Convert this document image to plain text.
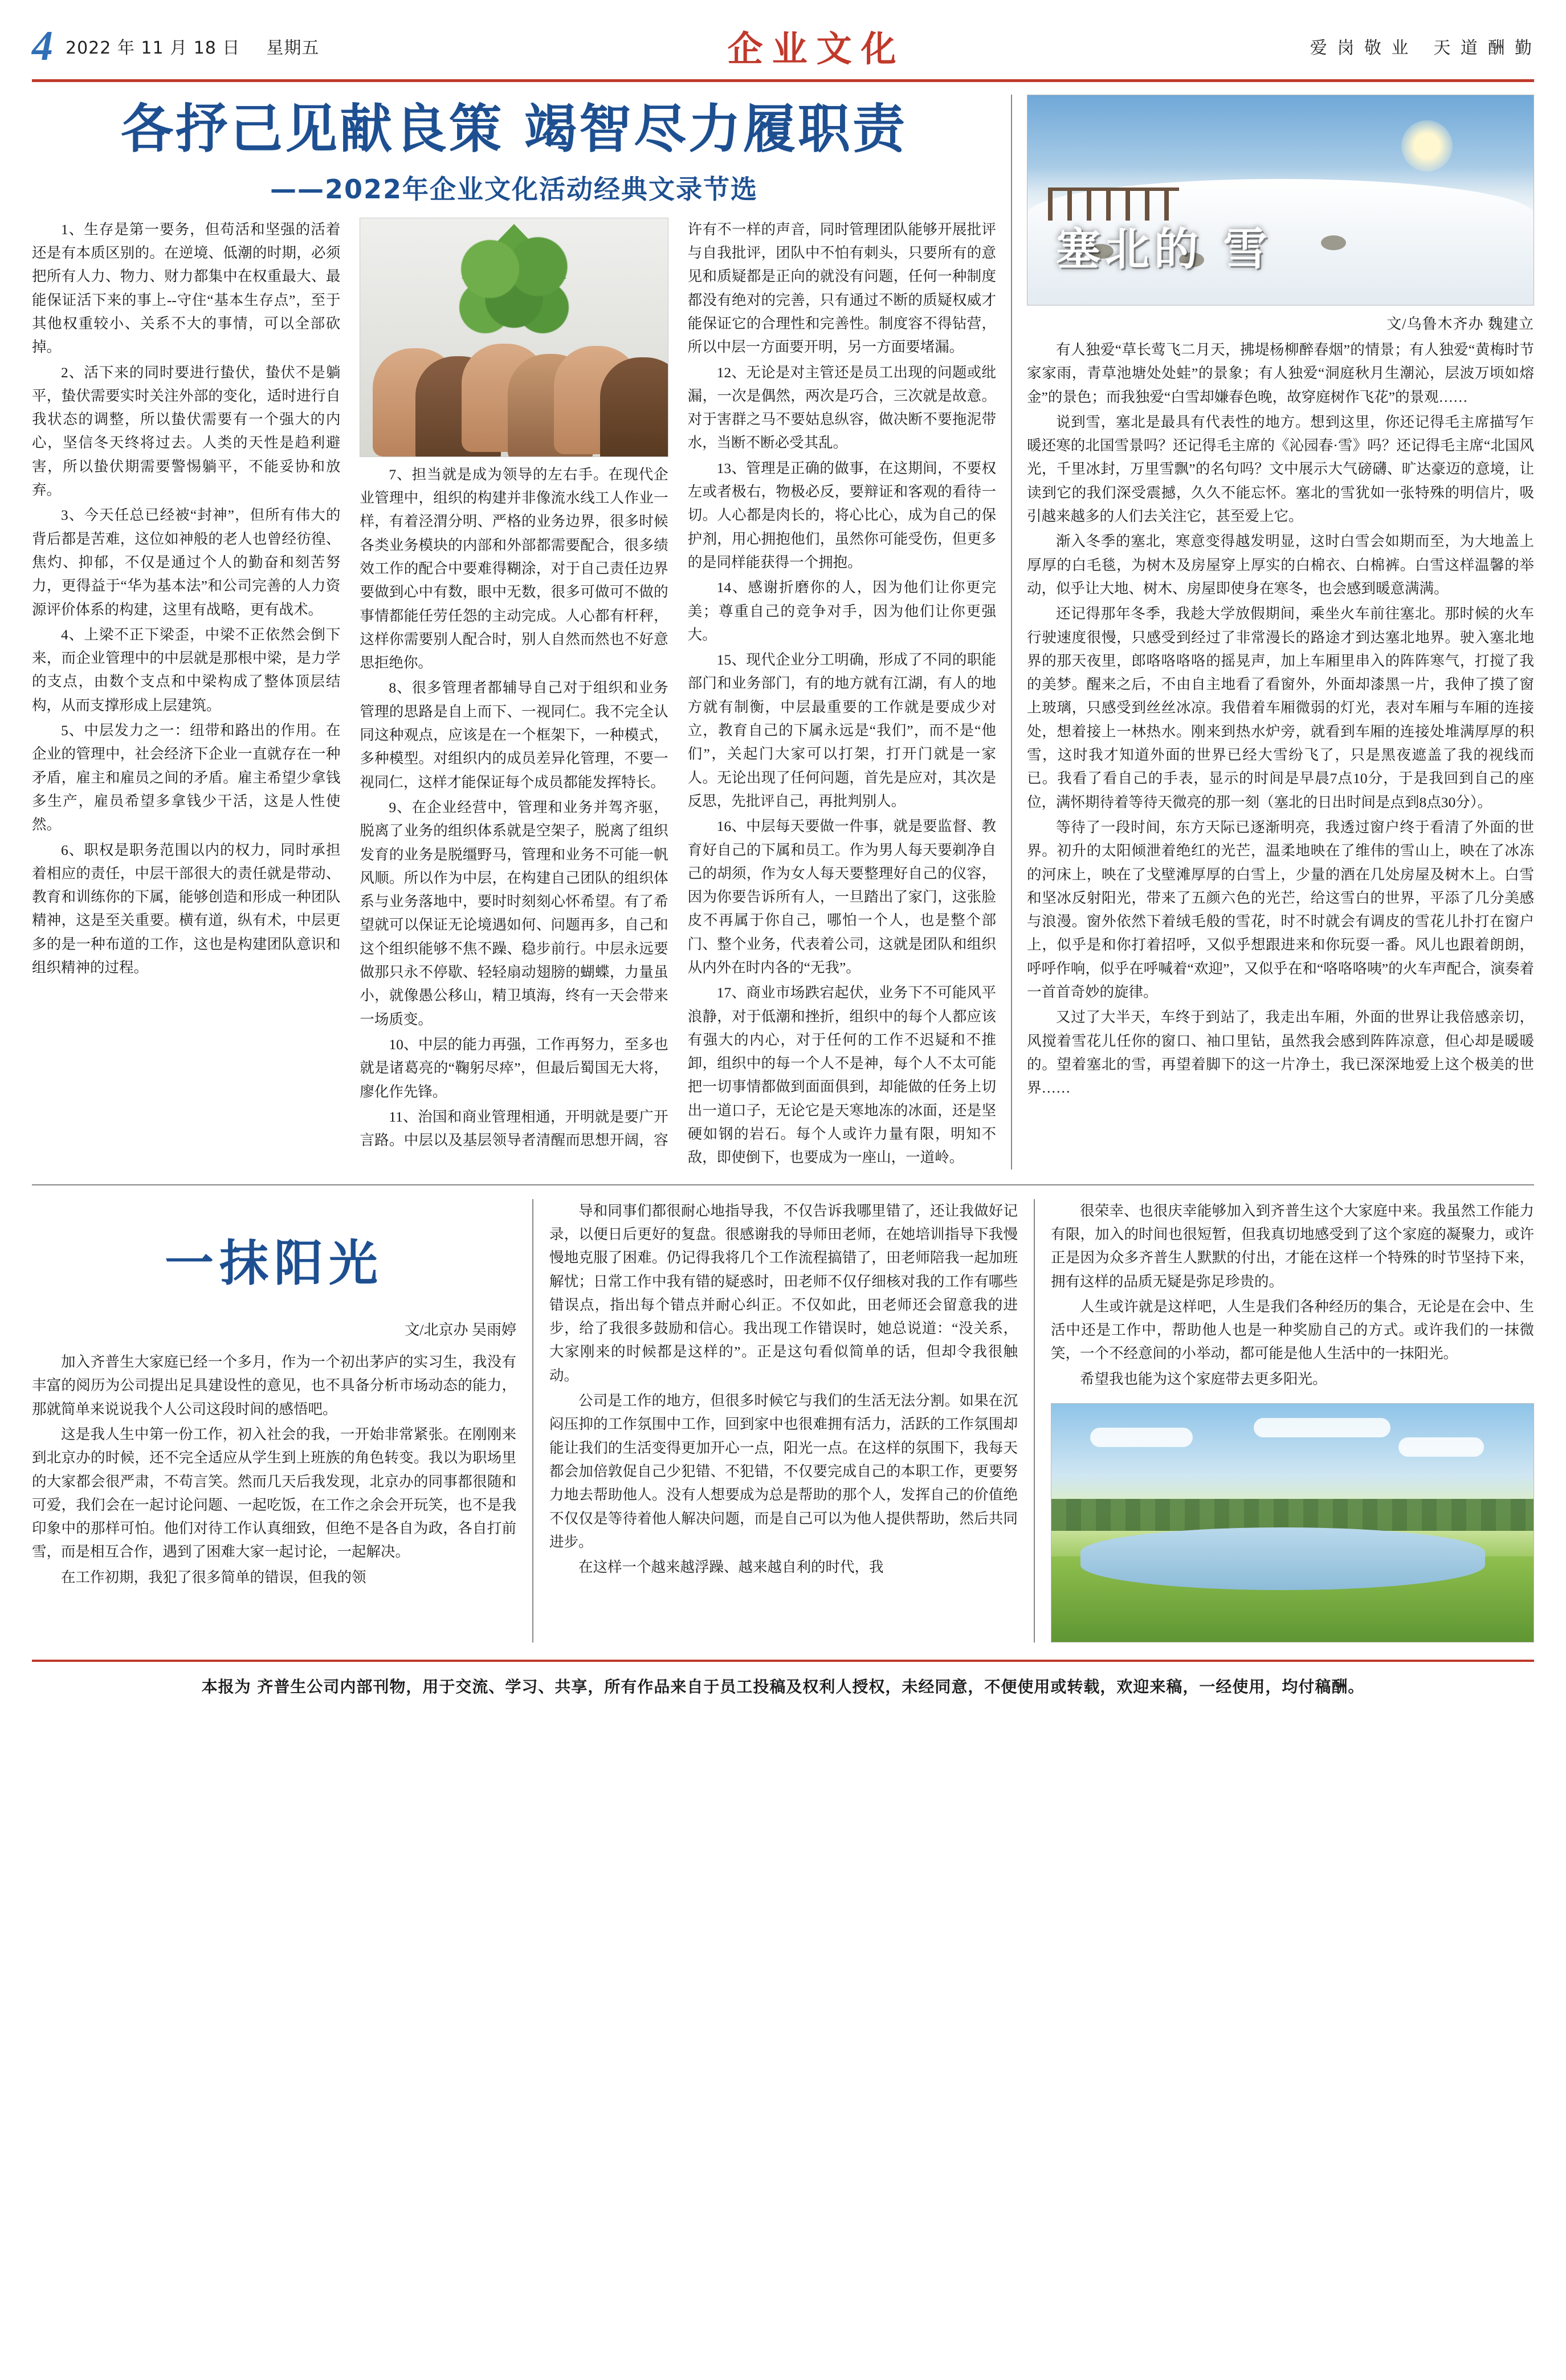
4 2022 年 11 月 18 日 星期五	企业文化	爱 岗 敬 业 天 道 酬 勤
各抒己见献良策 竭智尽力履职责
——2022年企业文化活动经典文录节选

1、生存是第一要务，但苟活和坚强的活着还是有本质区别的。在逆境、低潮的时期，必须把所有人力、物力、财力都集中在权重最大、最能保证活下来的事上--守住“基本生存点”，至于其他权重较小、关系不大的事情，可以全部砍掉。

2、活下来的同时要进行蛰伏，蛰伏不是躺平，蛰伏需要实时关注外部的变化，适时进行自我状态的调整，所以蛰伏需要有一个强大的内心，坚信冬天终将过去。人类的天性是趋利避害，所以蛰伏期需要警惕躺平，不能妥协和放弃。

3、今天任总已经被“封神”，但所有伟大的背后都是苦难，这位如神般的老人也曾经彷徨、焦灼、抑郁，不仅是通过个人的勤奋和刻苦努力，更得益于“华为基本法”和公司完善的人力资源评价体系的构建，这里有战略，更有战术。

4、上梁不正下梁歪，中梁不正依然会倒下来，而企业管理中的中层就是那根中梁，是力学的支点，由数个支点和中梁构成了整体顶层结构，从而支撑形成上层建筑。

5、中层发力之一：纽带和路出的作用。在企业的管理中，社会经济下企业一直就存在一种矛盾，雇主和雇员之间的矛盾。雇主希望少拿钱多生产，雇员希望多拿钱少干活，这是人性使然。

6、职权是职务范围以内的权力，同时承担着相应的责任，中层干部很大的责任就是带动、教育和训练你的下属，能够创造和形成一种团队精神，这是至关重要。横有道，纵有术，中层更多的是一种布道的工作，这也是构建团队意识和组织精神的过程。

7、担当就是成为领导的左右手。在现代企业管理中，组织的构建并非像流水线工人作业一样，有着泾渭分明、严格的业务边界，很多时候各类业务模块的内部和外部都需要配合，很多绩效工作的配合中要难得糊涂，对于自己责任边界要做到心中有数，眼中无数，很多可做可不做的事情都能任劳任怨的主动完成。人心都有杆秤，这样你需要别人配合时，别人自然而然也不好意思拒绝你。

8、很多管理者都辅导自己对于组织和业务管理的思路是自上而下、一视同仁。我不完全认同这种观点，应该是在一个框架下，一种模式，多种模型。对组织内的成员差异化管理，不要一视同仁，这样才能保证每个成员都能发挥特长。

9、在企业经营中，管理和业务并驾齐驱，脱离了业务的组织体系就是空架子，脱离了组织发育的业务是脱缰野马，管理和业务不可能一帆风顺。所以作为中层，在构建自己团队的组织体系与业务落地中，要时时刻刻心怀希望。有了希望就可以保证无论境遇如何、问题再多，自己和这个组织能够不焦不躁、稳步前行。中层永远要做那只永不停歇、轻轻扇动翅膀的蝴蝶，力量虽小，就像愚公移山，精卫填海，终有一天会带来一场质变。

10、中层的能力再强，工作再努力，至多也就是诸葛亮的“鞠躬尽瘁”，但最后蜀国无大将，廖化作先锋。

11、治国和商业管理相通，开明就是要广开言路。中层以及基层领导者清醒而思想开阔，容许有不一样的声音，同时管理团队能够开展批评与自我批评，团队中不怕有刺头，只要所有的意见和质疑都是正向的就没有问题，任何一种制度都没有绝对的完善，只有通过不断的质疑权威才能保证它的合理性和完善性。制度容不得钻营，所以中层一方面要开明，另一方面要堵漏。

12、无论是对主管还是员工出现的问题或纰漏，一次是偶然，两次是巧合，三次就是故意。对于害群之马不要姑息纵容，做决断不要拖泥带水，当断不断必受其乱。

13、管理是正确的做事，在这期间，不要权左或者极右，物极必反，要辩证和客观的看待一切。人心都是肉长的，将心比心，成为自己的保护剂，用心拥抱他们，虽然你可能受伤，但更多的是同样能获得一个拥抱。

14、感谢折磨你的人，因为他们让你更完美；尊重自己的竞争对手，因为他们让你更强大。

15、现代企业分工明确，形成了不同的职能部门和业务部门，有的地方就有江湖，有人的地方就有制衡，中层最重要的工作就是要成少对立，教育自己的下属永远是“我们”，而不是“他们”，关起门大家可以打架，打开门就是一家人。无论出现了任何问题，首先是应对，其次是反思，先批评自己，再批判别人。

16、中层每天要做一件事，就是要监督、教育好自己的下属和员工。作为男人每天要剃净自己的胡须，作为女人每天要整理好自己的仪容，因为你要告诉所有人，一旦踏出了家门，这张脸皮不再属于你自己，哪怕一个人，也是整个部门、整个业务，代表着公司，这就是团队和组织从内外在时内各的“无我”。

17、商业市场跌宕起伏，业务下不可能风平浪静，对于低潮和挫折，组织中的每个人都应该有强大的内心，对于任何的工作不迟疑和不推卸，组织中的每一个人不是神，每个人不太可能把一切事情都做到面面俱到，却能做的任务上切出一道口子，无论它是天寒地冻的冰面，还是坚硬如钢的岩石。每个人或许力量有限，明知不敌，即使倒下，也要成为一座山，一道岭。

塞北的 雪
文/乌鲁木齐办 魏建立

有人独爱“草长莺飞二月天，拂堤杨柳醉春烟”的情景；有人独爱“黄梅时节家家雨，青草池塘处处蛙”的景象；有人独爱“洞庭秋月生潮沁，层波万顷如熔金”的景色；而我独爱“白雪却嫌春色晚，故穿庭树作飞花”的景观……

说到雪，塞北是最具有代表性的地方。想到这里，你还记得毛主席描写乍暖还寒的北国雪景吗？还记得毛主席的《沁园春·雪》吗？还记得毛主席“北国风光，千里冰封，万里雪飘”的名句吗？文中展示大气磅礴、旷达豪迈的意境，让读到它的我们深受震撼，久久不能忘怀。塞北的雪犹如一张特殊的明信片，吸引越来越多的人们去关注它，甚至爱上它。

渐入冬季的塞北，寒意变得越发明显，这时白雪会如期而至，为大地盖上厚厚的白毛毯，为树木及房屋穿上厚实的白棉衣、白棉裤。白雪这样温馨的举动，似乎让大地、树木、房屋即使身在寒冬，也会感到暖意满满。

还记得那年冬季，我趁大学放假期间，乘坐火车前往塞北。那时候的火车行驶速度很慢，只感受到经过了非常漫长的路途才到达塞北地界。驶入塞北地界的那天夜里，郎咯咯咯咯的摇晃声，加上车厢里串入的阵阵寒气，打搅了我的美梦。醒来之后，不由自主地看了看窗外，外面却漆黑一片，我伸了摸了窗上玻璃，只感受到丝丝冰凉。我借着车厢微弱的灯光，表对车厢与车厢的连接处，想着接上一林热水。刚来到热水炉旁，就看到车厢的连接处堆满厚厚的积雪，这时我才知道外面的世界已经大雪纷飞了，只是黑夜遮盖了我的视线而已。我看了看自己的手表，显示的时间是早晨7点10分，于是我回到自己的座位，满怀期待着等待天微亮的那一刻（塞北的日出时间是点到8点30分）。

等待了一段时间，东方天际已逐渐明亮，我透过窗户终于看清了外面的世界。初升的太阳倾泄着绝红的光芒，温柔地映在了维伟的雪山上，映在了冰冻的河床上，映在了戈壁滩厚厚的白雪上，少量的酒在几处房屋及树木上。白雪和坚冰反射阳光，带来了五颜六色的光芒，给这雪白的世界，平添了几分美感与浪漫。窗外依然下着绒毛般的雪花，时不时就会有调皮的雪花儿扑打在窗户上，似乎是和你打着招呼，又似乎想跟进来和你玩耍一番。风儿也跟着朗朗，呼呼作响，似乎在呼喊着“欢迎”，又似乎在和“咯咯咯咦”的火车声配合，演奏着一首首奇妙的旋律。

又过了大半天，车终于到站了，我走出车厢，外面的世界让我倍感亲切，风搅着雪花儿任你的窗口、袖口里钻，虽然我会感到阵阵凉意，但心却是暖暖的。望着塞北的雪，再望着脚下的这一片净土，我已深深地爱上这个极美的世界……

一抹阳光
文/北京办 吴雨婷

加入齐普生大家庭已经一个多月，作为一个初出茅庐的实习生，我没有丰富的阅历为公司提出足具建设性的意见，也不具备分析市场动态的能力，那就简单来说说我个人公司这段时间的感悟吧。

这是我人生中第一份工作，初入社会的我，一开始非常紧张。在刚刚来到北京办的时候，还不完全适应从学生到上班族的角色转变。我以为职场里的大家都会很严肃，不苟言笑。然而几天后我发现，北京办的同事都很随和可爱，我们会在一起讨论问题、一起吃饭，在工作之余会开玩笑，也不是我印象中的那样可怕。他们对待工作认真细致，但绝不是各自为政，各自打前雪，而是相互合作，遇到了困难大家一起讨论，一起解决。

在工作初期，我犯了很多简单的错误，但我的领

导和同事们都很耐心地指导我，不仅告诉我哪里错了，还让我做好记录，以便日后更好的复盘。很感谢我的导师田老师，在她培训指导下我慢慢地克服了困难。仍记得我将几个工作流程搞错了，田老师陪我一起加班解忧；日常工作中我有错的疑惑时，田老师不仅仔细核对我的工作有哪些错误点，指出每个错点并耐心纠正。不仅如此，田老师还会留意我的进步，给了我很多鼓励和信心。我出现工作错误时，她总说道：“没关系，大家刚来的时候都是这样的”。正是这句看似简单的话，但却令我很触动。

公司是工作的地方，但很多时候它与我们的生活无法分割。如果在沉闷压抑的工作氛围中工作，回到家中也很难拥有活力，活跃的工作氛围却能让我们的生活变得更加开心一点，阳光一点。在这样的氛围下，我每天都会加倍敦促自己少犯错、不犯错，不仅要完成自己的本职工作，更要努力地去帮助他人。没有人想要成为总是帮助的那个人，发挥自己的价值绝不仅仅是等待着他人解决问题，而是自己可以为他人提供帮助，然后共同进步。

在这样一个越来越浮躁、越来越自利的时代，我

很荣幸、也很庆幸能够加入到齐普生这个大家庭中来。我虽然工作能力有限，加入的时间也很短暂，但我真切地感受到了这个家庭的凝聚力，或许正是因为众多齐普生人默默的付出，才能在这样一个特殊的时节坚持下来，拥有这样的品质无疑是弥足珍贵的。

人生或许就是这样吧，人生是我们各种经历的集合，无论是在会中、生活中还是工作中，帮助他人也是一种奖励自己的方式。或许我们的一抹微笑，一个不经意间的小举动，都可能是他人生活中的一抹阳光。

希望我也能为这个家庭带去更多阳光。

本报为 齐普生公司内部刊物，用于交流、学习、共享，所有作品来自于员工投稿及权利人授权，未经同意，不便使用或转载，欢迎来稿，一经使用，均付稿酬。
